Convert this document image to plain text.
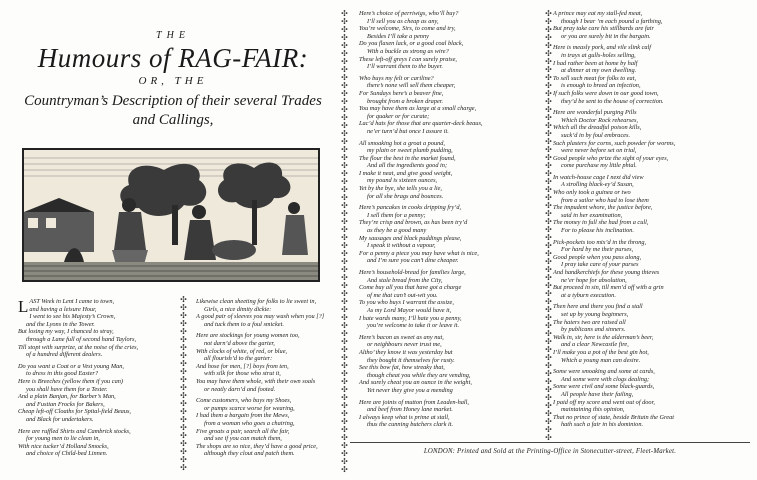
THE
Humours of RAG-FAIR:
OR, THE
Countryman’s Description of their several Trades and Callings,
✣
✣
✣
✣
✣
✣
✣
✣
✣
✣
✣
✣
✣
✣
✣
✣
✣
✣
✣
✣
✣
✣
✣
✣
✣
✣
✣
✣
✣
✣
✣
✣
✣
✣
✣
✣
✣
✣
✣
✣
✣
✣
✣
✣
✣
✣
✣
✣
✣
✣
✣
✣
✣
✣
✣
✣
✣
✣
✣
✣
✣
✣
✣
✣
✣
✣
✣
✣
✣
✣
✣
✣
✣
✣
✣
✣
✣
✣
✣
✣
✣
✣
✣
✣
✣
✣
✣
✣
✣
✣
✣
✣
✣
✣
✣
✣
✣
✣
✣
✣
✣
✣
✣
✣
✣
✣
✣
✣
✣
✣
✣
✣
✣
✣
✣
✣
✣
✣
✣
✣
✣
✣
✣
✣
✣
✣
✣
✣
✣
✣
✣
✣
✣
✣

L AST Week in Lent I came to town,
and having a leisure Hour,
I went to see his Majesty’s Crown,
and the Lyons in the Tower.
But losing my way, I chanced to stray,
through a Lane full of second hand Taylors,
Till stopt with surprize, at the noise of the cries,
of a hundred different dealers.

Do you want a Coat or a Vest young Man,
to dress in this good Easter?
Here is Breeches (yellow them if you can)
you shall have them for a Tester.
And a plain Banjan, for Barber’s Man,
and Fustian Frocks for Bakers,
Cheap left-off Cloaths for Spital-field Beaus,
and Black for undertakers.

Here are ruffled Shirts and Cambrick stocks,
for young men to lie clean in,
With nice tucker’d Holland Smocks,
and choice of Child-bed Linnen.

Likewise clean sheeting for folks to lie sweet in,
Girls, a nice dimity dickie:
A good pair of sleeves you may wash when you [?]
and tuck them to a foul smicket.

Here are stockings for young women too,
not darn’d above the garter,
With clocks of white, of red, or blue,
all flourish’d to the garter:
And hose for men, [?] boys from ten,
with silk for those who strut it,
You may have them whole, with their own soals
or neatly darn’d and footed.

Come customers, who buys my Shoes,
or pumps scarce worse for wearing,
I had them a bargain from the Mews,
from a woman who goes a chairing,
Five groats a pair, search all the fair,
and see if you can match them,
The shops are so nice, they’d have a good price,
although they clout and patch them.

Here’s choice of perriwigs, who’ll buy?
I’ll sell you as cheap as any,
You’re welcome, Sirs, to come and try,
Besides I’ll take a penny
Do you flaxen lack, or a good coal black,
With a buckle as strong as wire?
These left-off greys I can surely praise,
I’ll warrant them to the buyer.

Who buys my felt or cariline?
there’s none will sell them cheaper,
For Sundays here’s a beaver fine,
brought from a broken draper.
You may have them as large at a small charge,
for quaker or for curate;
Lac’d hats for those that are quarter-deck beaus,
ne’er turn’d but once I assure it.

All smoaking hot a groat a pound,
my plain or sweet plumb pudding,
The flour the best in the market found,
And all the ingredients good in;
I make it neat, and give good weight,
my pound is sixteen ounces,
Yet by the bye, she tells you a lie,
for all she brags and bounces.

Here’s pancakes in cooks dripping fry’d,
I sell them for a penny;
They’re crisp and brown, as has been try’d
as they be a good many
My sausages and black puddings please,
I speak it without a vapour,
For a penny a piece you may have what is nice,
and I’m sure you can’t dine cheaper.

Here’s household-bread for families large,
And stale bread from the City,
Come buy all you that have got a charge
of me that can’t out-wit you.
To you who buys I warrant the assize,
As my Lord Mayor would have it,
I hate wards many, I’ll hate you a penny,
you’re welcome to take it or leave it.

Here’s bacon as sweet as any nut,
or neighbours never trust me,
Altho’ they know it was yesterday but
they bought it themselves for rusty.
See this bow fat, how streaky that,
though cheat you while they are vending,
And surely cheat you an ounce in the weight,
Yet never they give you a mending

Here are joints of mutton from Leaden-hall,
and beef from Honey lane market.
I always keep what is prime at stall,
thus the cunning butchers clark it.

A prince may eat my stall-fed meat,
though I bear ’m each pound a farthing,
But pray take care his stillbards are fair
or you are surely bit in the bargain.

Here is measly pork, and vile slink calf
in trays at gulls-holes selling,
I had rather been at home by half
at dinner at my own dwelling.
To sell such meat for folks to eat,
is enough to breed an infection,
If such folks were down in our good town,
they’d be sent to the house of correction.

Here are wonderful purging Pills
Which Doctor Rock rehearses,
Which all the dreadful poison kills,
suck’d in by foul embraces.
Such plasters for corns, such powder for worms,
were never before set on trial,
Good people who prize the sight of your eyes,
come purchase my little phial.

In watch-house cage I next did view
A strolling black-ey’d Susan,
Who only took a guinea or two
from a sailor who had to lose them
The impudent whore, the justice before,
said in her examination,
The money in full she had from a cull,
For to please his inclination.

Pick-pockets too mix’d in the throng,
For hard by me their purses,
Good people when you pass along,
I pray take care of your purses
And handkerchiefs for these young thieves
ne’er hope for absolution,
But proceed in sin, till men’d off with a grin
at a tyburn execution.

Then here and there you find a stall
set up by young beginners,
The haters two are raised all
by publicans and sinners.
Walk in, sir, here is the alderman’s beer,
and a clear Newcastle fire,
I’ll make you a pot of the best gin hot,
Which a young man can desire.

Some were smoaking and some at cards,
And some were with clogs dealing;
Some were civil and some black-guards,
All people have their failing,
I paid off my score and went out of door,
maintaining this opinion,
That no prince of state, beside Britain the Great
hath such a fair in his dominion.

LONDON: Printed and Sold at the Printing-Office in Stonecutter-street, Fleet-Market.
